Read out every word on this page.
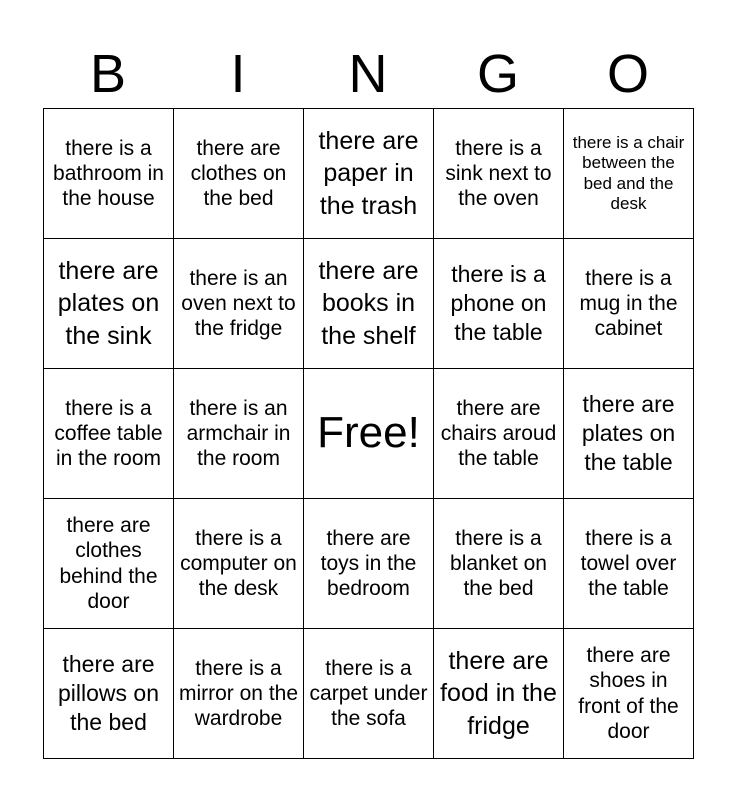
B	I	N	G	O
there is a bathroom in the house	there are clothes on the bed	there are paper in the trash	there is a sink next to the oven	there is a chair between the bed and the desk
there are plates on the sink	there is an oven next to the fridge	there are books in the shelf	there is a phone on the table	there is a mug in the cabinet
there is a coffee table in the room	there is an armchair in the room	Free!	there are chairs aroud the table	there are plates on the table
there are clothes behind the door	there is a computer on the desk	there are toys in the bedroom	there is a blanket on the bed	there is a towel over the table
there are pillows on the bed	there is a mirror on the wardrobe	there is a carpet under the sofa	there are food in the fridge	there are shoes in front of the door
